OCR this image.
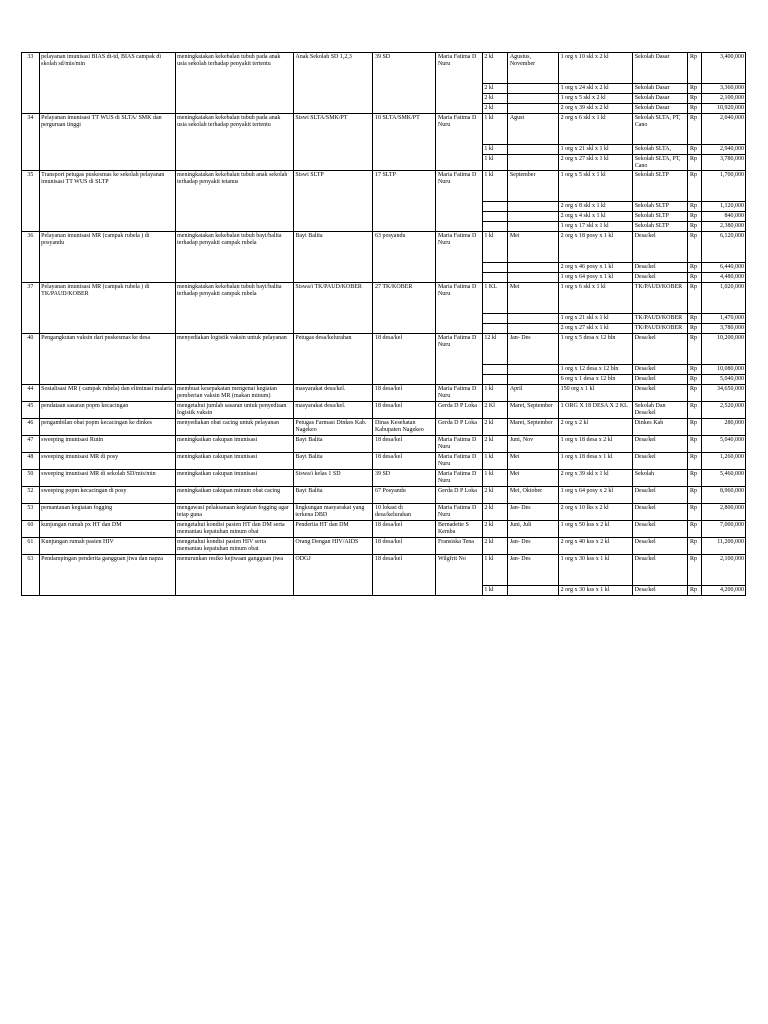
33	pelayanan imunisasi BIAS dt-td, BIAS campak di skolah sd/mis/min	meningkatakan kekebalan tubuh pada anak usia sekolah terhadap penyakit tertentu	Anak Sekolah SD 1,2,3	39 SD	Maria Fatima D Nuru	2 kl	Agustus, November	1 org x 10 skl x 2 kl	Sekolah Dasar	Rp	3,400,000
						2 kl		1 org x 24 skl x 2 kl	Sekolah Dasar	Rp	3,360,000
						2 kl		1 org x 5 skl x 2 kl	Sekolah Dasar	Rp	2,100,000
						2 kl		2 org x 39 skl x 2 kl	Sekolah Dasar	Rp	10,920,000
34	Pelayanan imunisasi TT WUS di SLTA/ SMK dan perguruan tinggi	meningkatakan kekebalan tubuh pada anak usia sekolah terhadap penyakit tertentu	Siswi SLTA/SMK/PT	10 SLTA/SMK/PT	Maria Fatima D Nuru	1 kl	Agust	2 org x 6 skl x 1 kl	Sekolah SLTA, PT, Cano	Rp	2,040,000
						1 kl		1 org x 21 skl x 1 kl	Sekolah SLTA,	Rp	2,940,000
						1 kl		2 org x 27 skl x 1 kl	Sekolah SLTA, PT, Cano	Rp	3,780,000
35	Transport petugas puskesmas ke sekolah pelayanan imunisasi TT WUS di SLTP	meningkatakan kekebalan tubuh anak sekolah terhadap penyakit tetanus	Siswi SLTP	17 SLTP	Maria Fatima D Nuru	1 kl	September	1 org x 5 skl x 1 kl	Sekolah SLTP	Rp	1,700,000
								2 org x 8 skl x 1 kl	Sekolah SLTP	Rp	1,120,000
								2 org x 4 skl x 1 kl	Sekolah SLTP	Rp	840,000
								1 org x 17 skl x 1 kl	Sekolah SLTP	Rp	2,380,000
36	Pelayanan imunisasi MR (campak rubela ) di posyandu	meningkatakan kekebalan tubuh bayi/balita terhadap penyakit campak rubela	Bayi Balita	63 posyandu	Maria Fatima D Nuru	1 kl	Mei	2 org x 18 posy x 1 kl	Desa/kel	Rp	6,120,000
								2 org x 46 posy x 1 kl	Desa/kel	Rp	6,440,000
								1 org x 64 posy x 1 kl	Desa/kel	Rp	4,480,000
37	Pelayanan imunisasi MR (campak rubela ) di TK/PAUD/KOBER	meningkatakan kekebalan tubuh bayi/balita terhadap penyakit campak rubela	Siswa/i TK/PAUD/KOBER	27 TK/KOBER	Maria Fatima D Nuru	1 KL	Mei	1 org x 6 skl x 1 kl	TK/PAUD/KOBER	Rp	1,020,000
								1 org x 21 skl x 1 kl	TK/PAUD/KOBER	Rp	1,470,000
								2 org x 27 skl x 1 kl	TK/PAUD/KOBER	Rp	3,780,000
40	Pengangkutan vaksin dari puskesmas ke desa	menyediakan logistik vaksin untuk pelayanan	Petugas desa/kelurahan	18 desa/kel	Maria Fatima D Nuru	12 kl	Jan- Des	1 org x 5 desa x 12 bln	Desa/kel	Rp	10,200,000
								1 org x 12 desa x 12 bln	Desa/kel	Rp	10,080,000
								6 org x 1 desa x 12 bln	Desa/kel	Rp	5,040,000
44	Sosialisasi MR ( campak rubela) dan eliminasi malaria	membuat kesepakatan mengenai kegiatan pemberian vaksin MR (makan minum)	masyarakat desa/kel.	18 desa/kel	Maria Fatima D Nuru	1 kl	April	150 org x 1 kl	Desa/kel	Rp	34,650,000
45	pendataan sasaran popm kecacingan	mengetahui jumlah sasaran untuk penyediaan logistik vaksin	masyarakat desa/kel.	18 desa/kel	Gerda D P Loka	2 Kl	Maret, September	1 ORG X 18 DESA X 2 KL	Sekolah Dan Desa/kel	Rp	2,520,000
46	pengambilan obat popm kecacingan ke dinkes	menyediakan obat cacing untuk pelayanan	Petugas Farmasi Dinkes Kab. Nagekeo	Dinas Kesehatan Kabupaten Nagekeo	Gerda D P Loka	2 kl	Maret, September	2 org x 2 kl	Dinkes Kab	Rp	280,000
47	sweeping imunisasi Rutin	meningkatkan cakupan imunisasi	Bayi Balita	18 desa/kel	Maria Fatima D Nuru	2 kl	Juni, Nov	1 org x 18 desa x 2 kl	Desa/kel	Rp	5,040,000
48	sweeping imunisasi MR di posy	meningkatkan cakupan imunisasi	Bayi Balita	18 desa/kel	Maria Fatima D Nuru	1 kl	Mei	1 org x 18 desa x 1 kl	Desa/kel	Rp	1,260,000
50	sweeping imunisasi MR di sekolah SD/mis/min	meningkatkan cakupan imunisasi	Siswa/i kelas 1 SD	39 SD	Maria Fatima D Nuru	1 kl	Mei	2 org x 39 skl x 1 kl	Sekolah	Rp	5,460,000
52	sweeping popm kecacingan di posy	meningkatkan cakupan minum obat cacing	Bayi Balita	67 Posyandu	Gerda D P Loka	2 kl	Mei, Oktober	1 org x 64 posy x 2 kl	Desa/kel	Rp	8,960,000
53	pemantauan kegiatan fogging	mengawasi pelaksanaan kegiatan fogging agar tetap guna	lingkungan masyarakat yang terkena DBD	10 lokasi di desa/kelurahan	Maria Fatima D Nuru	2 kl	Jan- Des	2 org x 10 lks x 2 kl	Desa/kel	Rp	2,800,000
60	kunjungan rumah px HT dan DM	mengetahui kondisi pasien HT dan DM serta memantau kepatuhan minum obat	Penderita HT dan DM	18 desa/kel	Bernadette S Kemba	2 kl	Juni, Juli	1 org x 50 kss x 2 kl	Desa/kel	Rp	7,000,000
61	Kunjungan rumah pasien HIV	mengetahui kondisi pasien HIV serta memantau kepatuhan minum obat	Orang Dengan HIV/AIDS	18 desa/kel	Fransiska Tena	2 kl	Jan- Des	2 org x 40 kss x 2 kl	Desa/kel	Rp	11,200,000
63	Pendampingan penderita gangguan jiwa dan napza	menurunkan resiko kejiwaan gangguan jiwa	ODGJ	18 desa/kel	Wilgfrit No	1 kl	Jan- Des	1 org x 30 kss x 1 kl	Desa/kel	Rp	2,100,000
						1 kl		2 org x 30 kss x 1 kl	Desa/kel	Rp	4,200,000
